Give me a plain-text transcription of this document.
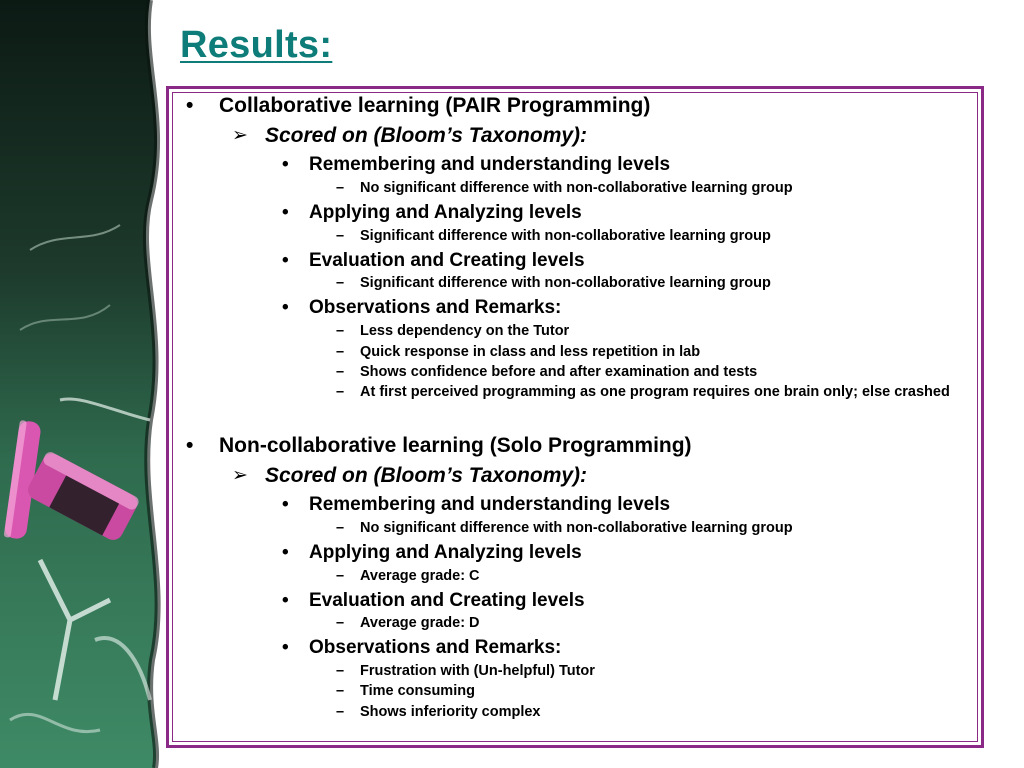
Results:
• Collaborative learning (PAIR Programming)
➢ Scored on (Bloom’s Taxonomy):
• Remembering and understanding levels
– No significant difference with non-collaborative learning group
• Applying and Analyzing levels
– Significant difference with non-collaborative learning group
• Evaluation and Creating levels
– Significant difference with non-collaborative learning group
• Observations and Remarks:
– Less dependency on the Tutor
– Quick response in class and less repetition in lab
– Shows confidence before and after examination and tests
– At first perceived programming as one program requires one brain only; else crashed
• Non-collaborative learning (Solo Programming)
➢ Scored on (Bloom’s Taxonomy):
• Remembering and understanding levels
– No significant difference with non-collaborative learning group
• Applying and Analyzing levels
– Average grade: C
• Evaluation and Creating levels
– Average grade: D
• Observations and Remarks:
– Frustration with (Un-helpful) Tutor
– Time consuming
– Shows inferiority complex
